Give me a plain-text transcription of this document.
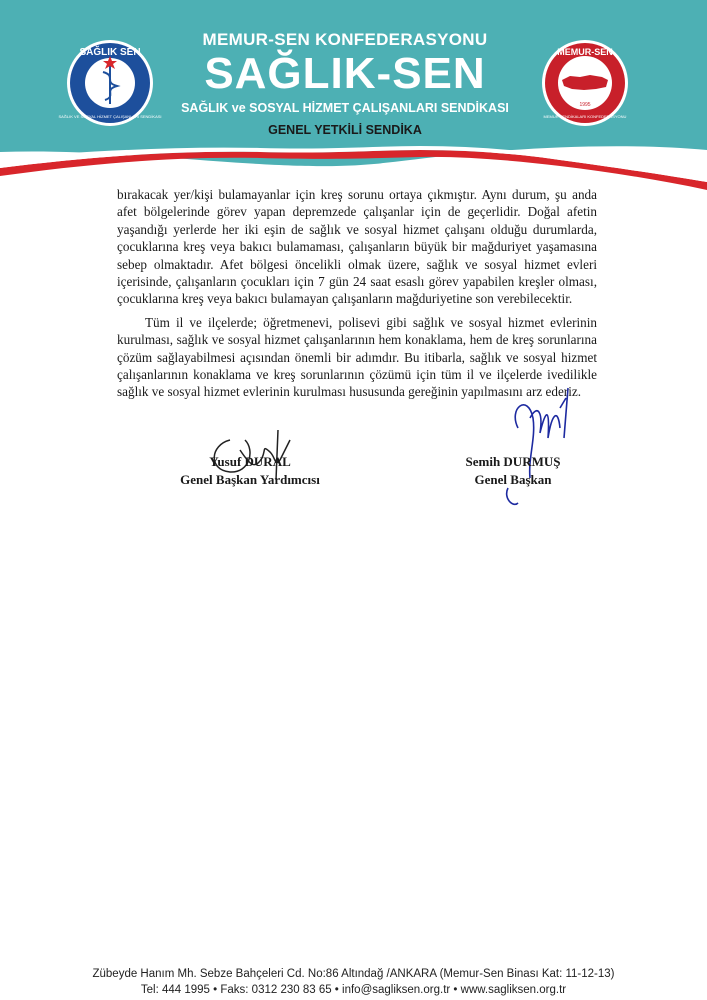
SAĞLIK SEN
SAĞLIK VE SOSYAL HİZMET ÇALIŞANLARI SENDİKASI
MEMUR-SEN KONFEDERASYONU
SAĞLIK-SEN
SAĞLIK ve SOSYAL HİZMET ÇALIŞANLARI SENDİKASI
GENEL YETKİLİ SENDİKA
MEMUR-SEN
1995
MEMUR SENDİKALARI KONFEDERASYONU

bırakacak yer/kişi bulamayanlar için kreş sorunu ortaya çıkmıştır. Aynı durum, şu anda afet bölgelerinde görev yapan depremzede çalışanlar için de geçerlidir. Doğal afetin yaşandığı yerlerde her iki eşin de sağlık ve sosyal hizmet çalışanı olduğu durumlarda, çocuklarına kreş veya bakıcı bulamaması, çalışanların büyük bir mağduriyet yaşamasına sebep olmaktadır. Afet bölgesi öncelikli olmak üzere, sağlık ve sosyal hizmet evleri içerisinde, çalışanların çocukları için 7 gün 24 saat esaslı görev yapabilen kreşler olması, çocuklarına kreş veya bakıcı bulamayan çalışanların mağduriyetine son verebilecektir.

Tüm il ve ilçelerde; öğretmenevi, polisevi gibi sağlık ve sosyal hizmet evlerinin kurulması, sağlık ve sosyal hizmet çalışanlarının hem konaklama, hem de kreş sorunlarına çözüm sağlayabilmesi açısından önemli bir adımdır. Bu itibarla, sağlık ve sosyal hizmet çalışanlarının konaklama ve kreş sorunlarının çözümü için tüm il ve ilçelerde ivedilikle sağlık ve sosyal hizmet evlerinin kurulması hususunda gereğinin yapılmasını arz ederiz.

Yusuf DURAL
Genel Başkan Yardımcısı
Semih DURMUŞ
Genel Başkan
Zübeyde Hanım Mh. Sebze Bahçeleri Cd. No:86 Altındağ /ANKARA (Memur-Sen Binası Kat: 11-12-13)
Tel: 444 1995 • Faks: 0312 230 83 65 • info@sagliksen.org.tr • www.sagliksen.org.tr
